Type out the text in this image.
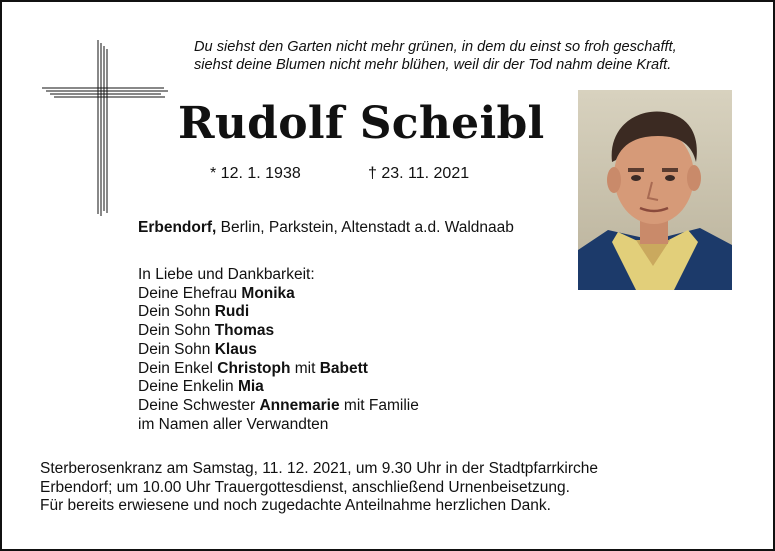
Du siehst den Garten nicht mehr grünen, in dem du einst so froh geschafft,
siehst deine Blumen nicht mehr blühen, weil dir der Tod nahm deine Kraft.
Rudolf Scheibl
* 12. 1. 1938	† 23. 11. 2021
Erbendorf, Berlin, Parkstein, Altenstadt a.d. Waldnaab
In Liebe und Dankbarkeit:
Deine Ehefrau Monika
Dein Sohn Rudi
Dein Sohn Thomas
Dein Sohn Klaus
Dein Enkel Christoph mit Babett
Deine Enkelin Mia
Deine Schwester Annemarie mit Familie
im Namen aller Verwandten
Sterberosenkranz am Samstag, 11. 12. 2021, um 9.30 Uhr in der Stadtpfarrkirche
Erbendorf; um 10.00 Uhr Trauergottesdienst, anschließend Urnenbeisetzung.
Für bereits erwiesene und noch zugedachte Anteilnahme herzlichen Dank.
